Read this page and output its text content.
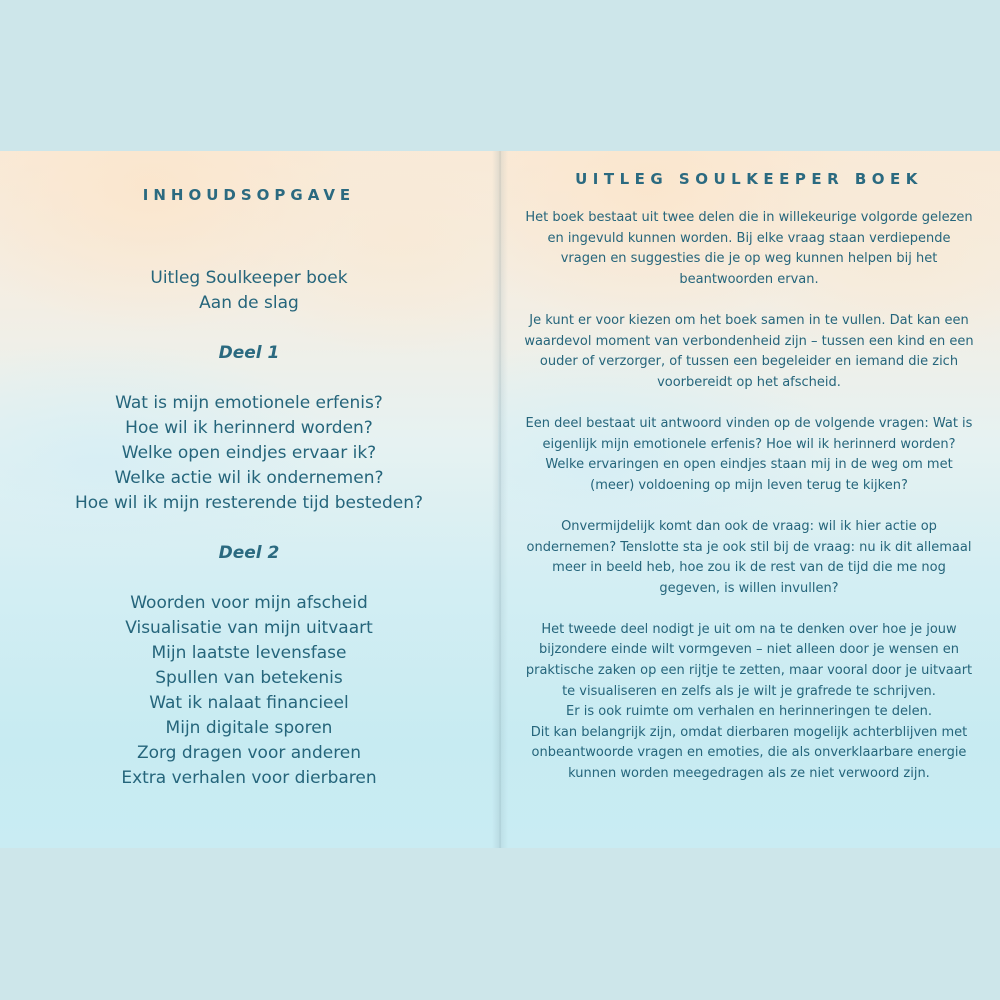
INHOUDSOPGAVE
Uitleg Soulkeeper boek
Aan de slag
Deel 1
Wat is mijn emotionele erfenis?
Hoe wil ik herinnerd worden?
Welke open eindjes ervaar ik?
Welke actie wil ik ondernemen?
Hoe wil ik mijn resterende tijd besteden?
Deel 2
Woorden voor mijn afscheid
Visualisatie van mijn uitvaart
Mijn laatste levensfase
Spullen van betekenis
Wat ik nalaat financieel
Mijn digitale sporen
Zorg dragen voor anderen
Extra verhalen voor dierbaren
UITLEG SOULKEEPER BOEK

Het boek bestaat uit twee delen die in willekeurige volgorde gelezen en ingevuld kunnen worden. Bij elke vraag staan verdiepende vragen en suggesties die je op weg kunnen helpen bij het beantwoorden ervan.

Je kunt er voor kiezen om het boek samen in te vullen. Dat kan een waardevol moment van verbondenheid zijn – tussen een kind en een ouder of verzorger, of tussen een begeleider en iemand die zich voorbereidt op het afscheid.

Een deel bestaat uit antwoord vinden op de volgende vragen: Wat is eigenlijk mijn emotionele erfenis? Hoe wil ik herinnerd worden? Welke ervaringen en open eindjes staan mij in de weg om met (meer) voldoening op mijn leven terug te kijken?

Onvermijdelijk komt dan ook de vraag: wil ik hier actie op ondernemen? Tenslotte sta je ook stil bij de vraag: nu ik dit allemaal meer in beeld heb, hoe zou ik de rest van de tijd die me nog gegeven, is willen invullen?

Het tweede deel nodigt je uit om na te denken over hoe je jouw bijzondere einde wilt vormgeven – niet alleen door je wensen en praktische zaken op een rijtje te zetten, maar vooral door je uitvaart te visualiseren en zelfs als je wilt je grafrede te schrijven.

Er is ook ruimte om verhalen en herinneringen te delen.

Dit kan belangrijk zijn, omdat dierbaren mogelijk achterblijven met onbeantwoorde vragen en emoties, die als onverklaarbare energie kunnen worden meegedragen als ze niet verwoord zijn.
